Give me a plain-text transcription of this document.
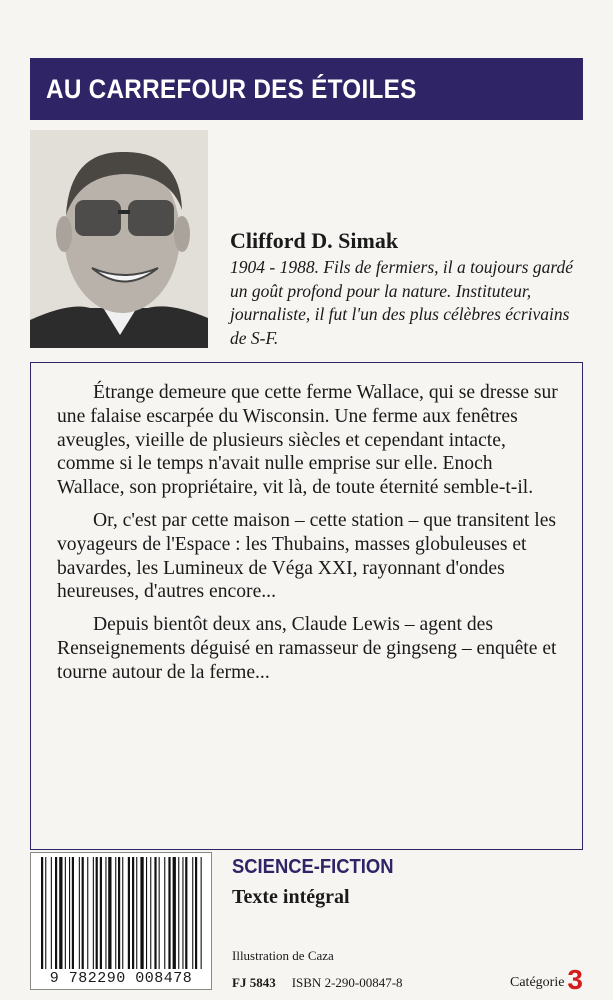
AU CARREFOUR DES ÉTOILES
Clifford D. Simak
1904 - 1988. Fils de fermiers, il a toujours gardé un goût profond pour la nature. Instituteur, journaliste, il fut l'un des plus célèbres écrivains de S-F.

Étrange demeure que cette ferme Wallace, qui se dresse sur une falaise escarpée du Wisconsin. Une ferme aux fenêtres aveugles, vieille de plusieurs siècles et cependant intacte, comme si le temps n'avait nulle emprise sur elle. Enoch Wallace, son propriétaire, vit là, de toute éternité semble-t-il.

Or, c'est par cette maison – cette station – que transitent les voyageurs de l'Espace : les Thubains, masses globuleuses et bavardes, les Lumineux de Véga XXI, rayonnant d'ondes heureuses, d'autres encore...

Depuis bientôt deux ans, Claude Lewis – agent des Renseignements déguisé en ramasseur de gingseng – enquête et tourne autour de la ferme...

9 782290 008478
SCIENCE-FICTION
Texte intégral
Illustration de Caza
FJ 5843 ISBN 2-290-00847-8	Catégorie 3
